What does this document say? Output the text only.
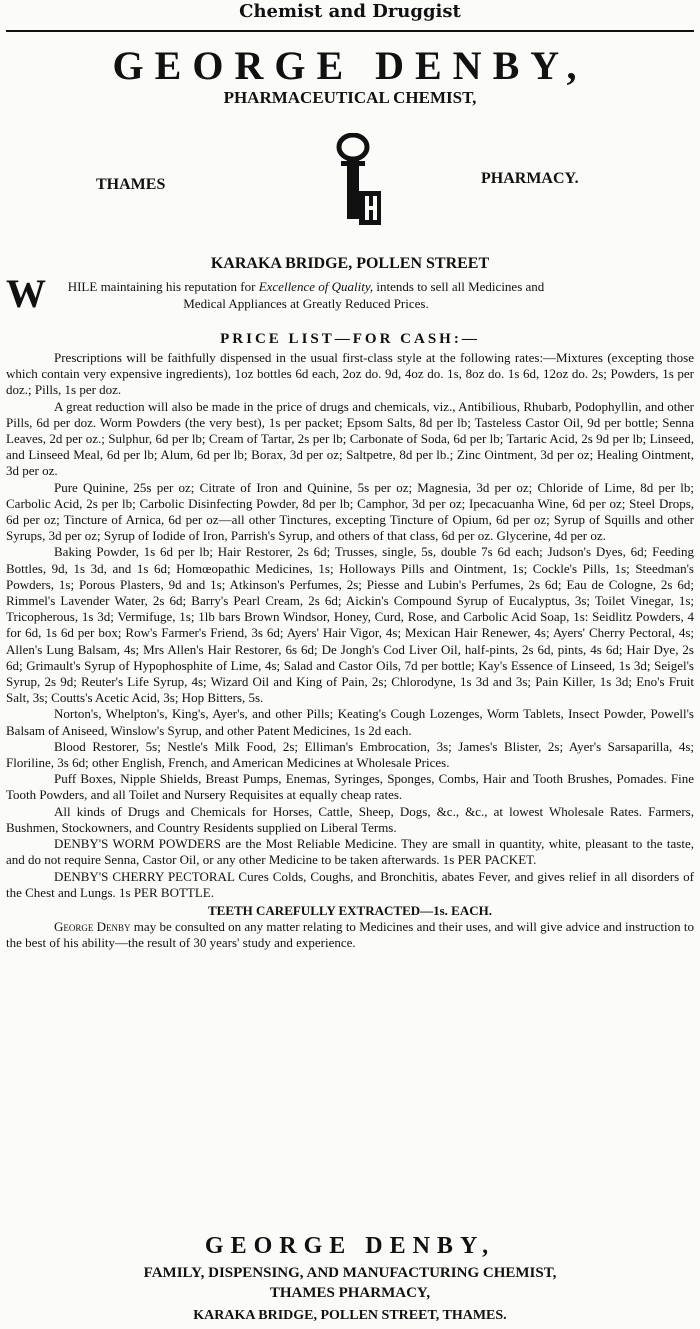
Chemist and Druggist
GEORGE DENBY,
PHARMACEUTICAL CHEMIST,
THAMES	PHARMACY.
KARAKA BRIDGE, POLLEN STREET
W	HILE maintaining his reputation for Excellence of Quality, intends to sell all Medicines and Medical Appliances at Greatly Reduced Prices.
PRICE LIST—FOR CASH:—

Prescriptions will be faithfully dispensed in the usual first-class style at the following rates:—Mixtures (excepting those which contain very expensive ingredients), 1oz bottles 6d each, 2oz do. 9d, 4oz do. 1s, 8oz do. 1s 6d, 12oz do. 2s; Powders, 1s per doz.; Pills, 1s per doz.

A great reduction will also be made in the price of drugs and chemicals, viz., Antibilious, Rhubarb, Podophyllin, and other Pills, 6d per doz. Worm Powders (the very best), 1s per packet; Epsom Salts, 8d per lb; Tasteless Castor Oil, 9d per bottle; Senna Leaves, 2d per oz.; Sulphur, 6d per lb; Cream of Tartar, 2s per lb; Carbonate of Soda, 6d per lb; Tartaric Acid, 2s 9d per lb; Linseed, and Linseed Meal, 6d per lb; Alum, 6d per lb; Borax, 3d per oz; Saltpetre, 8d per lb.; Zinc Ointment, 3d per oz; Healing Ointment, 3d per oz.

Pure Quinine, 25s per oz; Citrate of Iron and Quinine, 5s per oz; Magnesia, 3d per oz; Chloride of Lime, 8d per lb; Carbolic Acid, 2s per lb; Carbolic Disinfecting Powder, 8d per lb; Camphor, 3d per oz; Ipecacuanha Wine, 6d per oz; Steel Drops, 6d per oz; Tincture of Arnica, 6d per oz—all other Tinctures, excepting Tincture of Opium, 6d per oz; Syrup of Squills and other Syrups, 3d per oz; Syrup of Iodide of Iron, Parrish's Syrup, and others of that class, 6d per oz. Glycerine, 4d per oz.

Baking Powder, 1s 6d per lb; Hair Restorer, 2s 6d; Trusses, single, 5s, double 7s 6d each; Judson's Dyes, 6d; Feeding Bottles, 9d, 1s 3d, and 1s 6d; Homœopathic Medicines, 1s; Holloways Pills and Ointment, 1s; Cockle's Pills, 1s; Steedman's Powders, 1s; Porous Plasters, 9d and 1s; Atkinson's Perfumes, 2s; Piesse and Lubin's Perfumes, 2s 6d; Eau de Cologne, 2s 6d; Rimmel's Lavender Water, 2s 6d; Barry's Pearl Cream, 2s 6d; Aickin's Compound Syrup of Eucalyptus, 3s; Toilet Vinegar, 1s; Tricopherous, 1s 3d; Vermifuge, 1s; 1lb bars Brown Windsor, Honey, Curd, Rose, and Carbolic Acid Soap, 1s: Seidlitz Powders, 4 for 6d, 1s 6d per box; Row's Farmer's Friend, 3s 6d; Ayers' Hair Vigor, 4s; Mexican Hair Renewer, 4s; Ayers' Cherry Pectoral, 4s; Allen's Lung Balsam, 4s; Mrs Allen's Hair Restorer, 6s 6d; De Jongh's Cod Liver Oil, half-pints, 2s 6d, pints, 4s 6d; Hair Dye, 2s 6d; Grimault's Syrup of Hypophosphite of Lime, 4s; Salad and Castor Oils, 7d per bottle; Kay's Essence of Linseed, 1s 3d; Seigel's Syrup, 2s 9d; Reuter's Life Syrup, 4s; Wizard Oil and King of Pain, 2s; Chlorodyne, 1s 3d and 3s; Pain Killer, 1s 3d; Eno's Fruit Salt, 3s; Coutts's Acetic Acid, 3s; Hop Bitters, 5s.

Norton's, Whelpton's, King's, Ayer's, and other Pills; Keating's Cough Lozenges, Worm Tablets, Insect Powder, Powell's Balsam of Aniseed, Winslow's Syrup, and other Patent Medicines, 1s 2d each.

Blood Restorer, 5s; Nestle's Milk Food, 2s; Elliman's Embrocation, 3s; James's Blister, 2s; Ayer's Sarsaparilla, 4s; Floriline, 3s 6d; other English, French, and American Medicines at Wholesale Prices.

Puff Boxes, Nipple Shields, Breast Pumps, Enemas, Syringes, Sponges, Combs, Hair and Tooth Brushes, Pomades. Fine Tooth Powders, and all Toilet and Nursery Requisites at equally cheap rates.

All kinds of Drugs and Chemicals for Horses, Cattle, Sheep, Dogs, &c., &c., at lowest Wholesale Rates. Farmers, Bushmen, Stockowners, and Country Residents supplied on Liberal Terms.

DENBY'S WORM POWDERS are the Most Reliable Medicine. They are small in quantity, white, pleasant to the taste, and do not require Senna, Castor Oil, or any other Medicine to be taken afterwards. 1s PER PACKET.

DENBY'S CHERRY PECTORAL Cures Colds, Coughs, and Bronchitis, abates Fever, and gives relief in all disorders of the Chest and Lungs. 1s PER BOTTLE.

TEETH CAREFULLY EXTRACTED—1s. EACH.

George Denby may be consulted on any matter relating to Medicines and their uses, and will give advice and instruction to the best of his ability—the result of 30 years' study and experience.

GEORGE DENBY,
FAMILY, DISPENSING, AND MANUFACTURING CHEMIST,
THAMES PHARMACY,
KARAKA BRIDGE, POLLEN STREET, THAMES.
